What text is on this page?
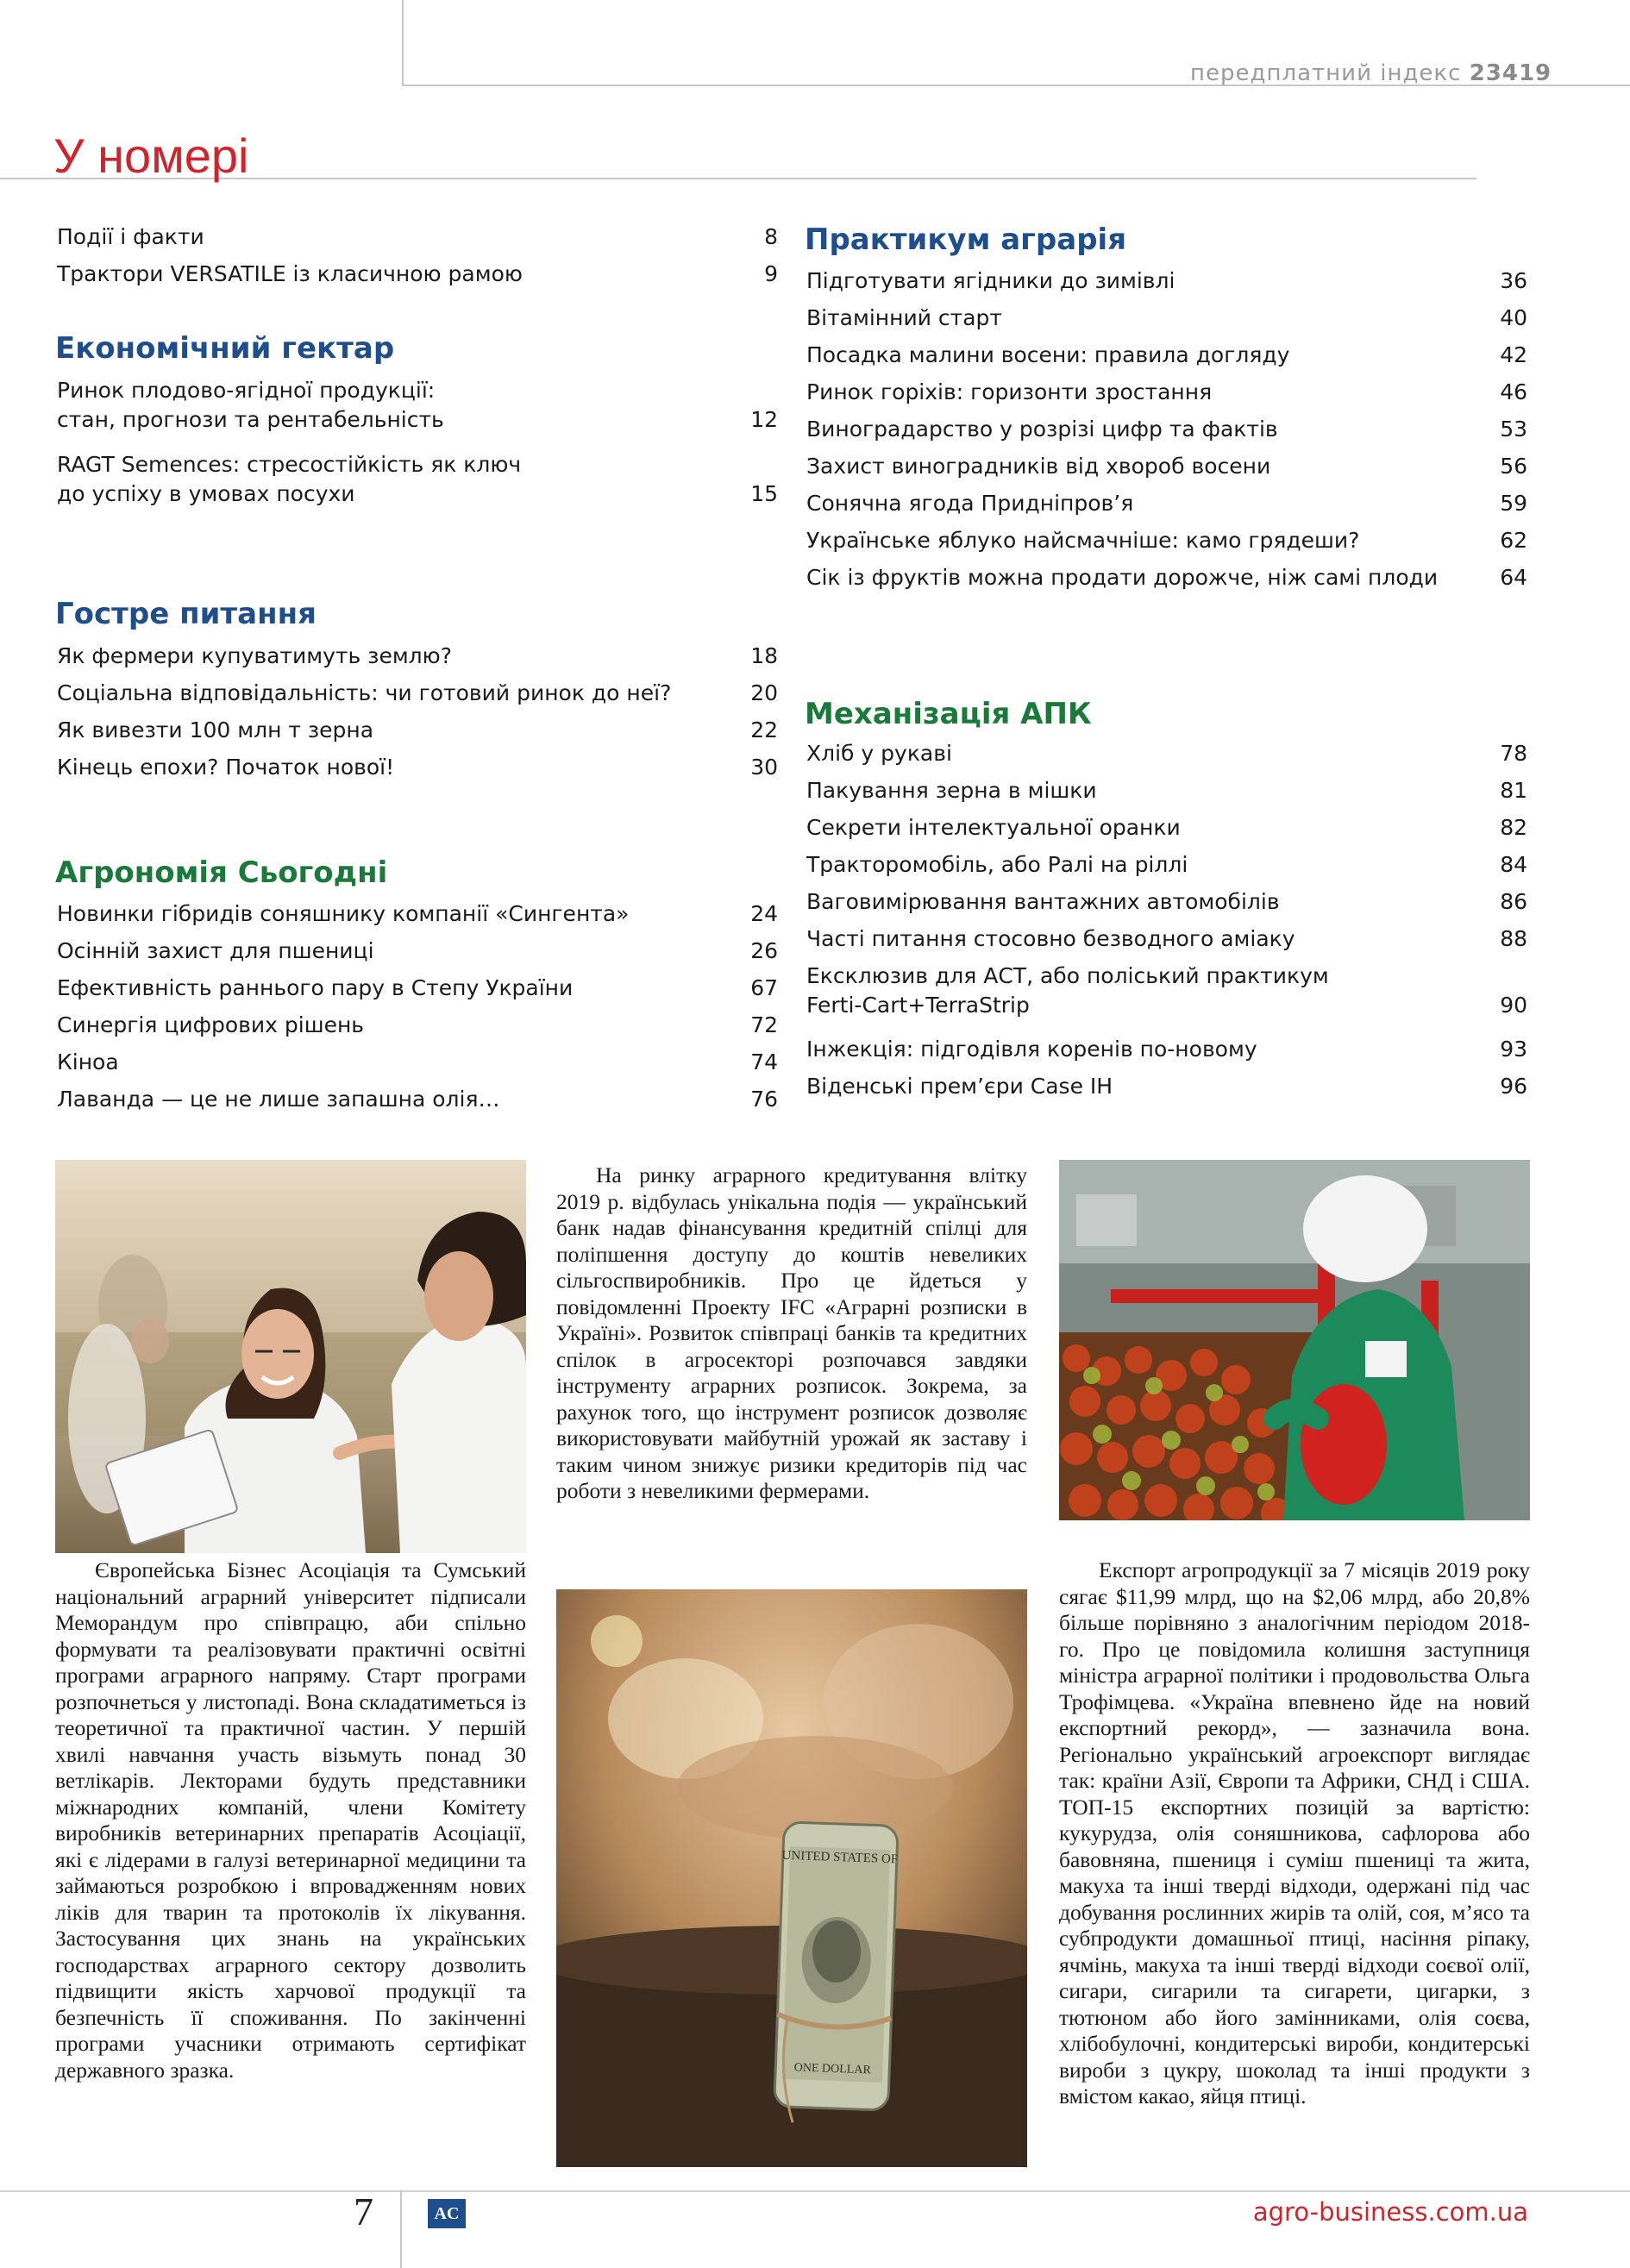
передплатний індекс 23419
У номері
Події і факти	8
Трактори VERSATILE із класичною рамою	9
Економічний гектар
Ринок плодово-ягідної продукції:
стан, прогнози та рентабельність	12
RAGT Semences: стресостійкість як ключ
до успіху в умовах посухи	15
Гостре питання
Як фермери купуватимуть землю?	18
Соціальна відповідальність: чи готовий ринок до неї?	20
Як вивезти 100 млн т зерна	22
Кінець епохи? Початок нової!	30
Агрономія Сьогодні
Новинки гібридів соняшнику компанії «Сингента»	24
Осінній захист для пшениці	26
Ефективність раннього пару в Степу України	67
Синергія цифрових рішень	72
Кіноа	74
Лаванда — це не лише запашна олія…	76
Практикум аграрія
Підготувати ягідники до зимівлі	36
Вітамінний старт	40
Посадка малини восени: правила догляду	42
Ринок горіхів: горизонти зростання	46
Виноградарство у розрізі цифр та фактів	53
Захист виноградників від хвороб восени	56
Сонячна ягода Придніпров’я	59
Українське яблуко найсмачніше: камо грядеши?	62
Сік із фруктів можна продати дорожче, ніж самі плоди	64
Механізація АПК
Хліб у рукаві	78
Пакування зерна в мішки	81
Секрети інтелектуальної оранки	82
Тракторомобіль, або Ралі на ріллі	84
Ваговимірювання вантажних автомобілів	86
Часті питання стосовно безводного аміаку	88
Ексклюзив для АСТ, або поліський практикум
Ferti-Cart+TerraStrip	90
Інжекція: підгодівля коренів по-новому	93
Віденські прем’єри Case IH	96
UNITED STATES OF
ONE DOLLAR

Європейська Бізнес Асоціація та Сумський національний аграрний університет підписали Меморандум про співпрацю, аби спільно формувати та реалізовувати практичні освітні програми аграрного напряму. Старт програми розпочнеться у листопаді. Вона складатиметься із теоретичної та практичної частин. У першій хвилі навчання участь візьмуть понад 30 ветлікарів. Лекторами будуть представники міжнародних компаній, члени Комітету виробників ветеринарних препаратів Асоціації, які є лідерами в галузі ветеринарної медицини та займаються розробкою і впровадженням нових ліків для тварин та протоколів їх лікування. Застосування цих знань на українських господарствах аграрного сектору дозволить підвищити якість харчової продукції та безпечність її споживання. По закінченні програми учасники отримають сертифікат державного зразка.

На ринку аграрного кредитування влітку 2019 р. відбулась унікальна подія — український банк надав фінансування кредитній спілці для поліпшення доступу до коштів невеликих сільгоспвиробників. Про це йдеться у повідомленні Проекту IFC «Аграрні розписки в Україні». Розвиток співпраці банків та кредитних спілок в агросекторі розпочався завдяки інструменту аграрних розписок. Зокрема, за рахунок того, що інструмент розписок дозволяє використовувати майбутній урожай як заставу і таким чином знижує ризики кредиторів під час роботи з невеликими фермерами.

Експорт агропродукції за 7 місяців 2019 року сягає $11,99 млрд, що на $2,06 млрд, або 20,8% більше порівняно з аналогічним періодом 2018-го. Про це повідомила колишня заступниця міністра аграрної політики і продовольства Ольга Трофімцева. «Україна впевнено йде на новий експортний рекорд», — зазначила вона. Регіонально український агроекспорт виглядає так: країни Азії, Європи та Африки, СНД і США. ТОП-15 експортних позицій за вартістю: кукурудза, олія соняшникова, сафлорова або бавовняна, пшениця і суміш пшениці та жита, макуха та інші тверді відходи, одержані під час добування рослинних жирів та олій, соя, м’ясо та субпродукти домашньої птиці, насіння ріпаку, ячмінь, макуха та інші тверді відходи соєвої олії, сигари, сигарили та сигарети, цигарки, з тютюном або його замінниками, олія соєва, хлібобулочні, кондитерські вироби, кондитерські вироби з цукру, шоколад та інші продукти з вмістом какао, яйця птиці.

7	AC	agro-business.com.ua
